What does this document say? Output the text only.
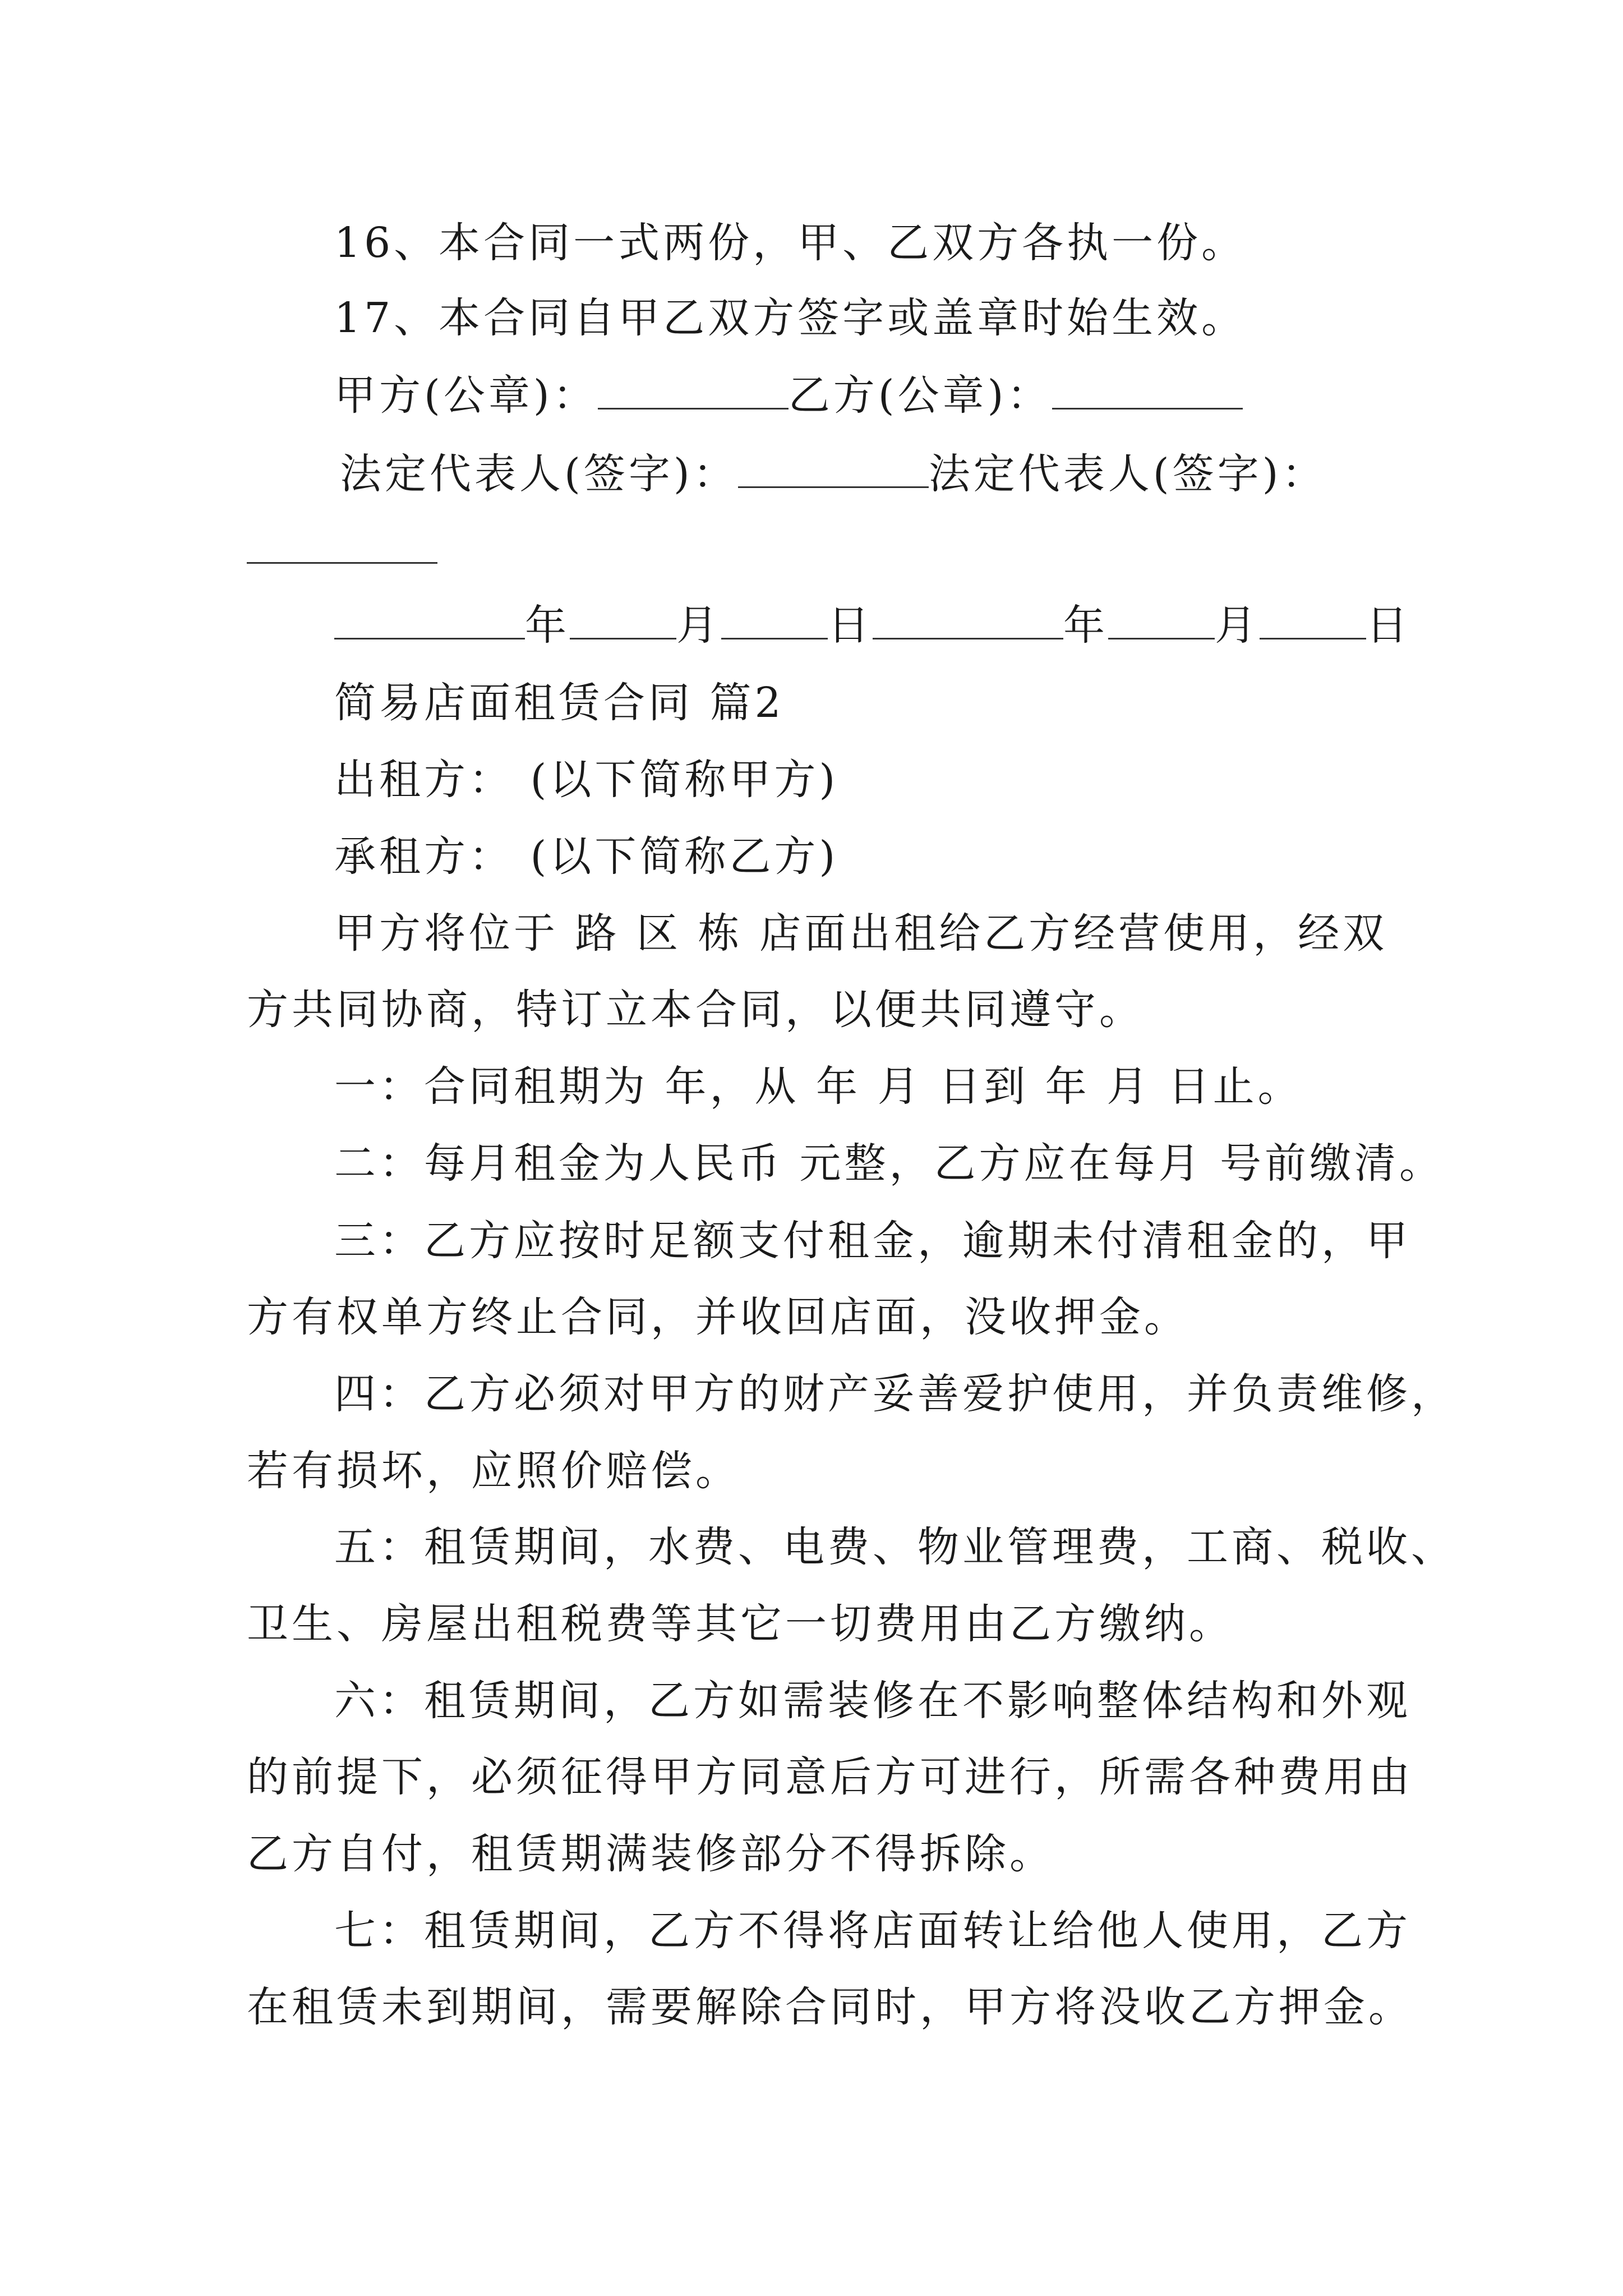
16、本合同一式两份，甲、乙双方各执一份。
17、本合同自甲乙双方签字或盖章时始生效。
甲方(公章)：	乙方(公章)：
法定代表人(签字)：	法定代表人(签字)：
年	月	日	年	月	日
简易店面租赁合同 篇2
出租方： (以下简称甲方)
承租方： (以下简称乙方)
甲方将位于 路 区 栋 店面出租给乙方经营使用，经双
方共同协商，特订立本合同，以便共同遵守。
一：合同租期为 年，从 年 月 日到 年 月 日止。
二：每月租金为人民币 元整，乙方应在每月 号前缴清。
三：乙方应按时足额支付租金，逾期未付清租金的，甲
方有权单方终止合同，并收回店面，没收押金。
四：乙方必须对甲方的财产妥善爱护使用，并负责维修，
若有损坏，应照价赔偿。
五：租赁期间，水费、电费、物业管理费，工商、税收、
卫生、房屋出租税费等其它一切费用由乙方缴纳。
六：租赁期间，乙方如需装修在不影响整体结构和外观
的前提下，必须征得甲方同意后方可进行，所需各种费用由
乙方自付，租赁期满装修部分不得拆除。
七：租赁期间，乙方不得将店面转让给他人使用，乙方
在租赁未到期间，需要解除合同时，甲方将没收乙方押金。
